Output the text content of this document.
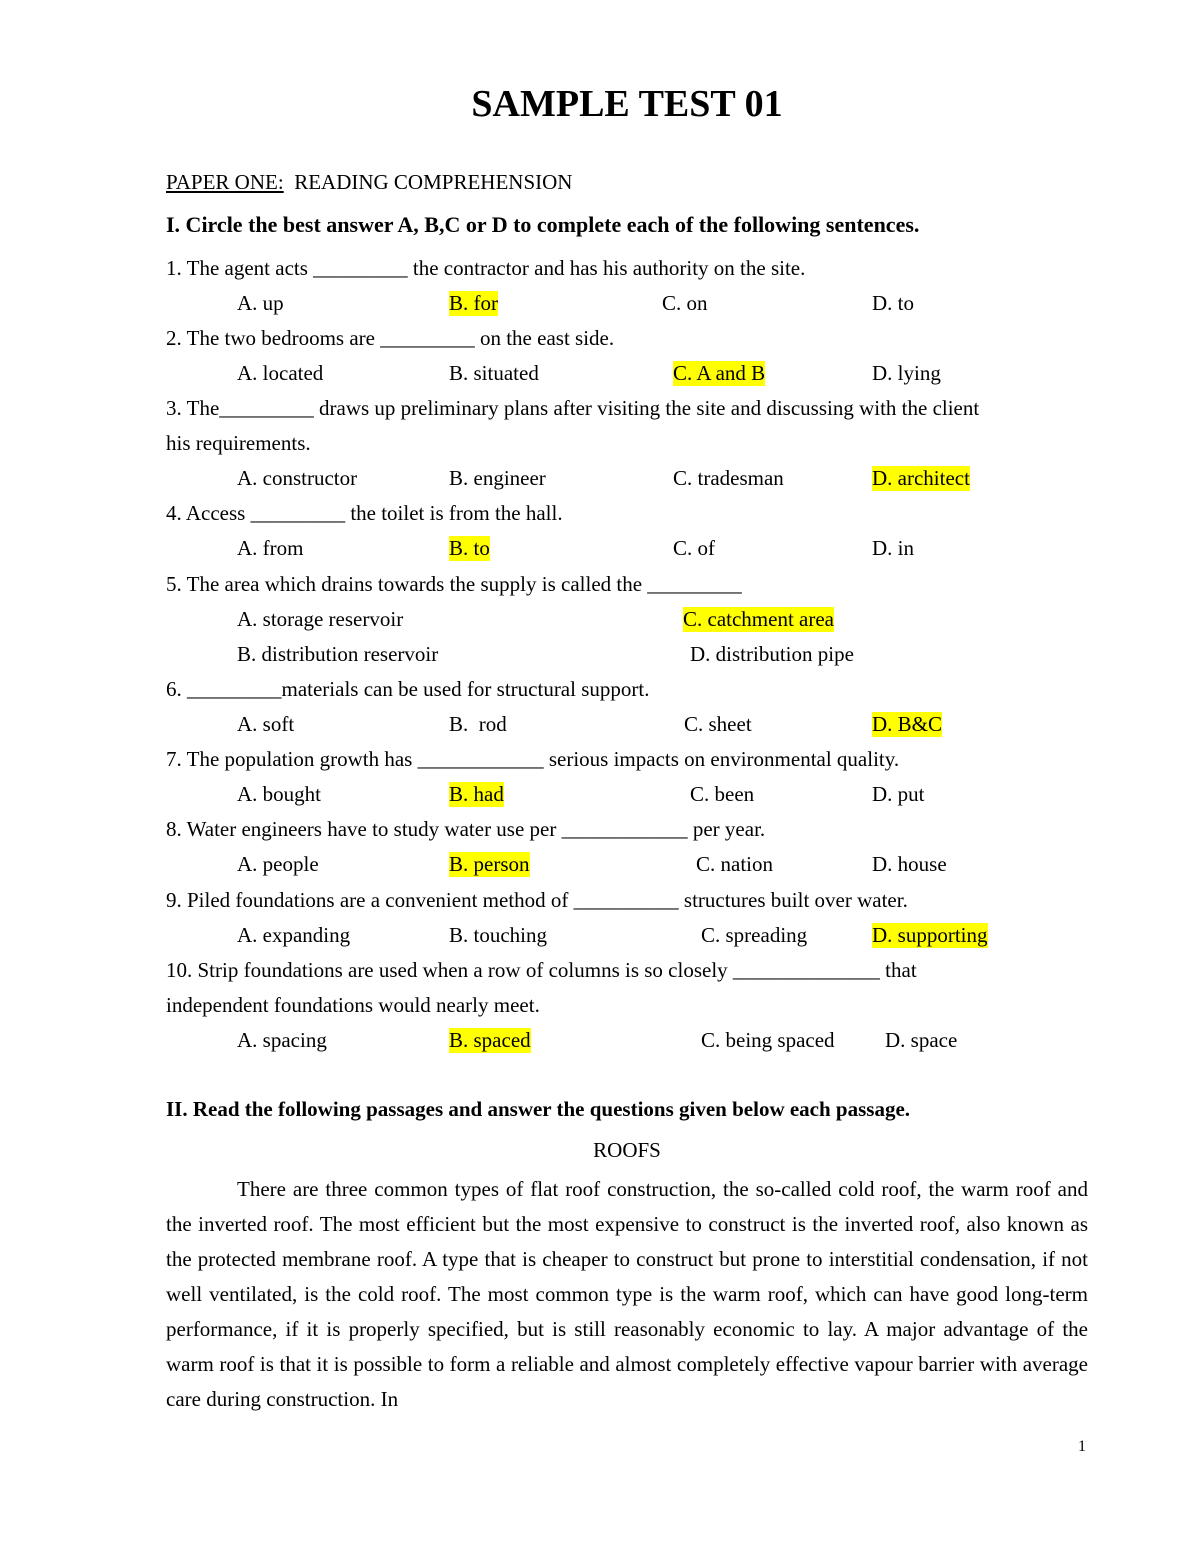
SAMPLE TEST 01
PAPER ONE: READING COMPREHENSION
I. Circle the best answer A, B,C or D to complete each of the following sentences.
1. The agent acts _________ the contractor and has his authority on the site.
A. up	B. for	C. on	D. to
2. The two bedrooms are _________ on the east side.
A. located	B. situated	C. A and B	D. lying
3. The_________ draws up preliminary plans after visiting the site and discussing with the client
his requirements.
A. constructor	B. engineer	C. tradesman	D. architect
4. Access _________ the toilet is from the hall.
A. from	B. to	C. of	D. in
5. The area which drains towards the supply is called the _________
A. storage reservoir	C. catchment area
B. distribution reservoir	D. distribution pipe
6. _________materials can be used for structural support.
A. soft	B.  rod	C. sheet	D. B&C
7. The population growth has ____________ serious impacts on environmental quality.
A. bought	B. had	C. been	D. put
8. Water engineers have to study water use per ____________ per year.
A. people	B. person	C. nation	D. house
9. Piled foundations are a convenient method of __________ structures built over water.
A. expanding	B. touching	C. spreading	D. supporting
10. Strip foundations are used when a row of columns is so closely ______________ that
independent foundations would nearly meet.
A. spacing	B. spaced	C. being spaced D. space
II. Read the following passages and answer the questions given below each passage.
ROOFS

There are three common types of flat roof construction, the so-called cold roof, the warm roof and the inverted roof. The most efficient but the most expensive to construct is the inverted roof, also known as the protected membrane roof. A type that is cheaper to construct but prone to interstitial condensation, if not well ventilated, is the cold roof. The most common type is the warm roof, which can have good long-term performance, if it is properly specified, but is still reasonably economic to lay. A major advantage of the warm roof is that it is possible to form a reliable and almost completely effective vapour barrier with average care during construction. In

1
